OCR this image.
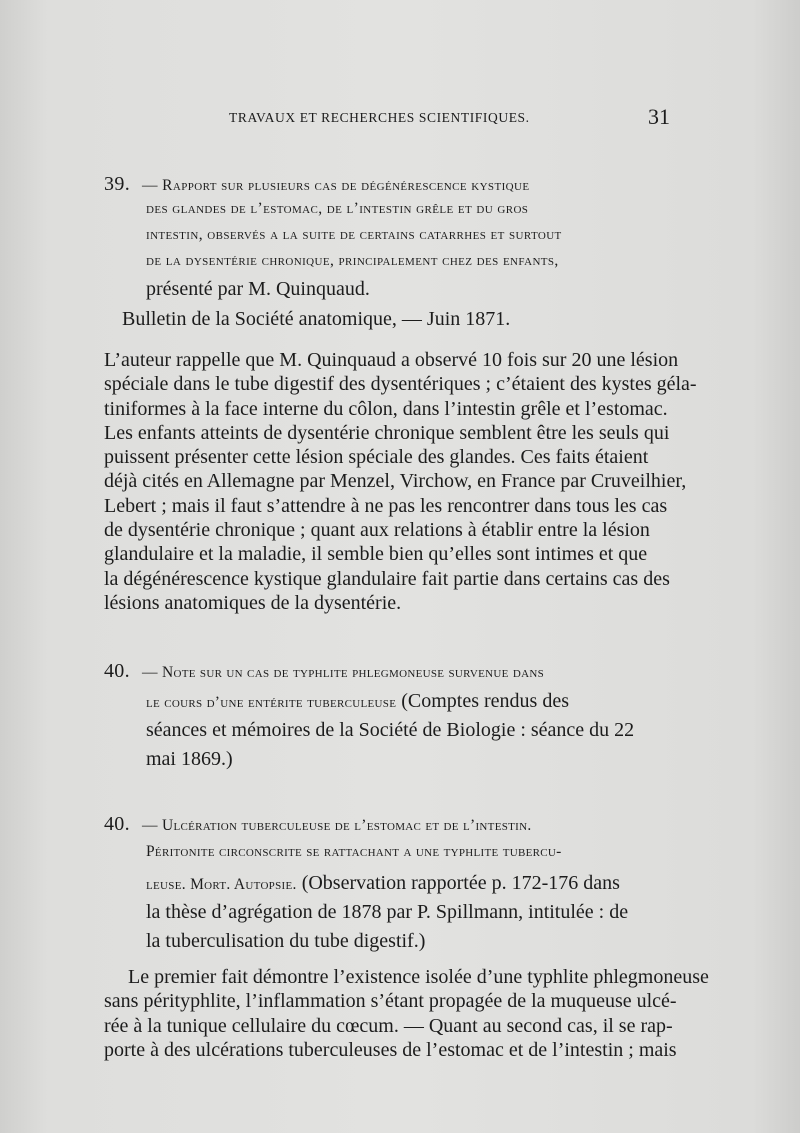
TRAVAUX ET RECHERCHES SCIENTIFIQUES.	31
39. — Rapport sur plusieurs cas de dégénérescence kystique
des glandes de l’estomac, de l’intestin grêle et du gros
intestin, observés a la suite de certains catarrhes et surtout
de la dysentérie chronique, principalement chez des enfants,
présenté par M. Quinquaud.
Bulletin de la Société anatomique, — Juin 1871.
L’auteur rappelle que M. Quinquaud a observé 10 fois sur 20 une lésion
spéciale dans le tube digestif des dysentériques ; c’étaient des kystes géla-
tiniformes à la face interne du côlon, dans l’intestin grêle et l’estomac.
Les enfants atteints de dysentérie chronique semblent être les seuls qui
puissent présenter cette lésion spéciale des glandes. Ces faits étaient
déjà cités en Allemagne par Menzel, Virchow, en France par Cruveilhier,
Lebert ; mais il faut s’attendre à ne pas les rencontrer dans tous les cas
de dysentérie chronique ; quant aux relations à établir entre la lésion
glandulaire et la maladie, il semble bien qu’elles sont intimes et que
la dégénérescence kystique glandulaire fait partie dans certains cas des
lésions anatomiques de la dysentérie.
40. — Note sur un cas de typhlite phlegmoneuse survenue dans
le cours d’une entérite tuberculeuse (Comptes rendus des
séances et mémoires de la Société de Biologie : séance du 22
mai 1869.)
40. — Ulcération tuberculeuse de l’estomac et de l’intestin.
Péritonite circonscrite se rattachant a une typhlite tubercu-
leuse. Mort. Autopsie. (Observation rapportée p. 172-176 dans
la thèse d’agrégation de 1878 par P. Spillmann, intitulée : de
la tuberculisation du tube digestif.)
Le premier fait démontre l’existence isolée d’une typhlite phlegmoneuse
sans pérityphlite, l’inflammation s’étant propagée de la muqueuse ulcé-
rée à la tunique cellulaire du cœcum. — Quant au second cas, il se rap-
porte à des ulcérations tuberculeuses de l’estomac et de l’intestin ; mais
